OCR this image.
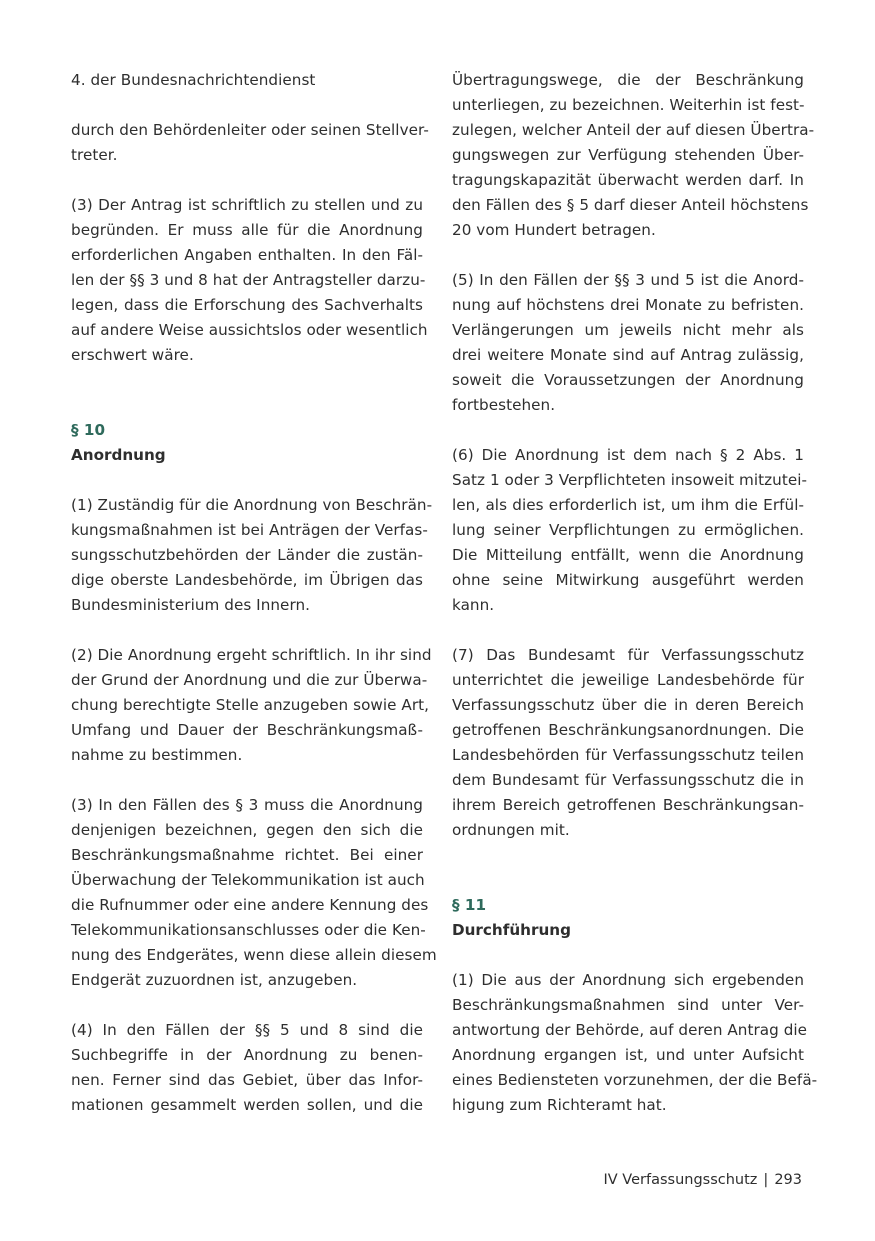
4. der Bundesnachrichtendienst

durch den Behördenleiter oder seinen Stellver-
treter.

(3) Der Antrag ist schriftlich zu stellen und zu
begründen. Er muss alle für die Anordnung
erforderlichen Angaben enthalten. In den Fäl-
len der §§ 3 und 8 hat der Antragsteller darzu-
legen, dass die Erforschung des Sachverhalts
auf andere Weise aussichtslos oder wesentlich
erschwert wäre.

§ 10

Anordnung

(1) Zuständig für die Anordnung von Beschrän-
kungsmaßnahmen ist bei Anträgen der Verfas-
sungsschutzbehörden der Länder die zustän-
dige oberste Landesbehörde, im Übrigen das
Bundesministerium des Innern.

(2) Die Anordnung ergeht schriftlich. In ihr sind
der Grund der Anordnung und die zur Überwa-
chung berechtigte Stelle anzugeben sowie Art,
Umfang und Dauer der Beschränkungsmaß-
nahme zu bestimmen.

(3) In den Fällen des § 3 muss die Anordnung
denjenigen bezeichnen, gegen den sich die
Beschränkungsmaßnahme richtet. Bei einer
Überwachung der Telekommunikation ist auch
die Rufnummer oder eine andere Kennung des
Telekommunikationsanschlusses oder die Ken-
nung des Endgerätes, wenn diese allein diesem
Endgerät zuzuordnen ist, anzugeben.

(4) In den Fällen der §§ 5 und 8 sind die
Suchbegriffe in der Anordnung zu benen-
nen. Ferner sind das Gebiet, über das Infor-
mationen gesammelt werden sollen, und die

Übertragungswege, die der Beschränkung
unterliegen, zu bezeichnen. Weiterhin ist fest-
zulegen, welcher Anteil der auf diesen Übertra-
gungswegen zur Verfügung stehenden Über-
tragungskapazität überwacht werden darf. In
den Fällen des § 5 darf dieser Anteil höchstens
20 vom Hundert betragen.

(5) In den Fällen der §§ 3 und 5 ist die Anord-
nung auf höchstens drei Monate zu befristen.
Verlängerungen um jeweils nicht mehr als
drei weitere Monate sind auf Antrag zulässig,
soweit die Voraussetzungen der Anordnung
fortbestehen.

(6) Die Anordnung ist dem nach § 2 Abs. 1
Satz 1 oder 3 Verpflichteten insoweit mitzutei-
len, als dies erforderlich ist, um ihm die Erfül-
lung seiner Verpflichtungen zu ermöglichen.
Die Mitteilung entfällt, wenn die Anordnung
ohne seine Mitwirkung ausgeführt werden
kann.

(7) Das Bundesamt für Verfassungsschutz
unterrichtet die jeweilige Landesbehörde für
Verfassungsschutz über die in deren Bereich
getroffenen Beschränkungsanordnungen. Die
Landesbehörden für Verfassungsschutz teilen
dem Bundesamt für Verfassungsschutz die in
ihrem Bereich getroffenen Beschränkungsan-
ordnungen mit.

§ 11

Durchführung

(1) Die aus der Anordnung sich ergebenden
Beschränkungsmaßnahmen sind unter Ver-
antwortung der Behörde, auf deren Antrag die
Anordnung ergangen ist, und unter Aufsicht
eines Bediensteten vorzunehmen, der die Befä-
higung zum Richteramt hat.

IV Verfassungsschutz | 293
